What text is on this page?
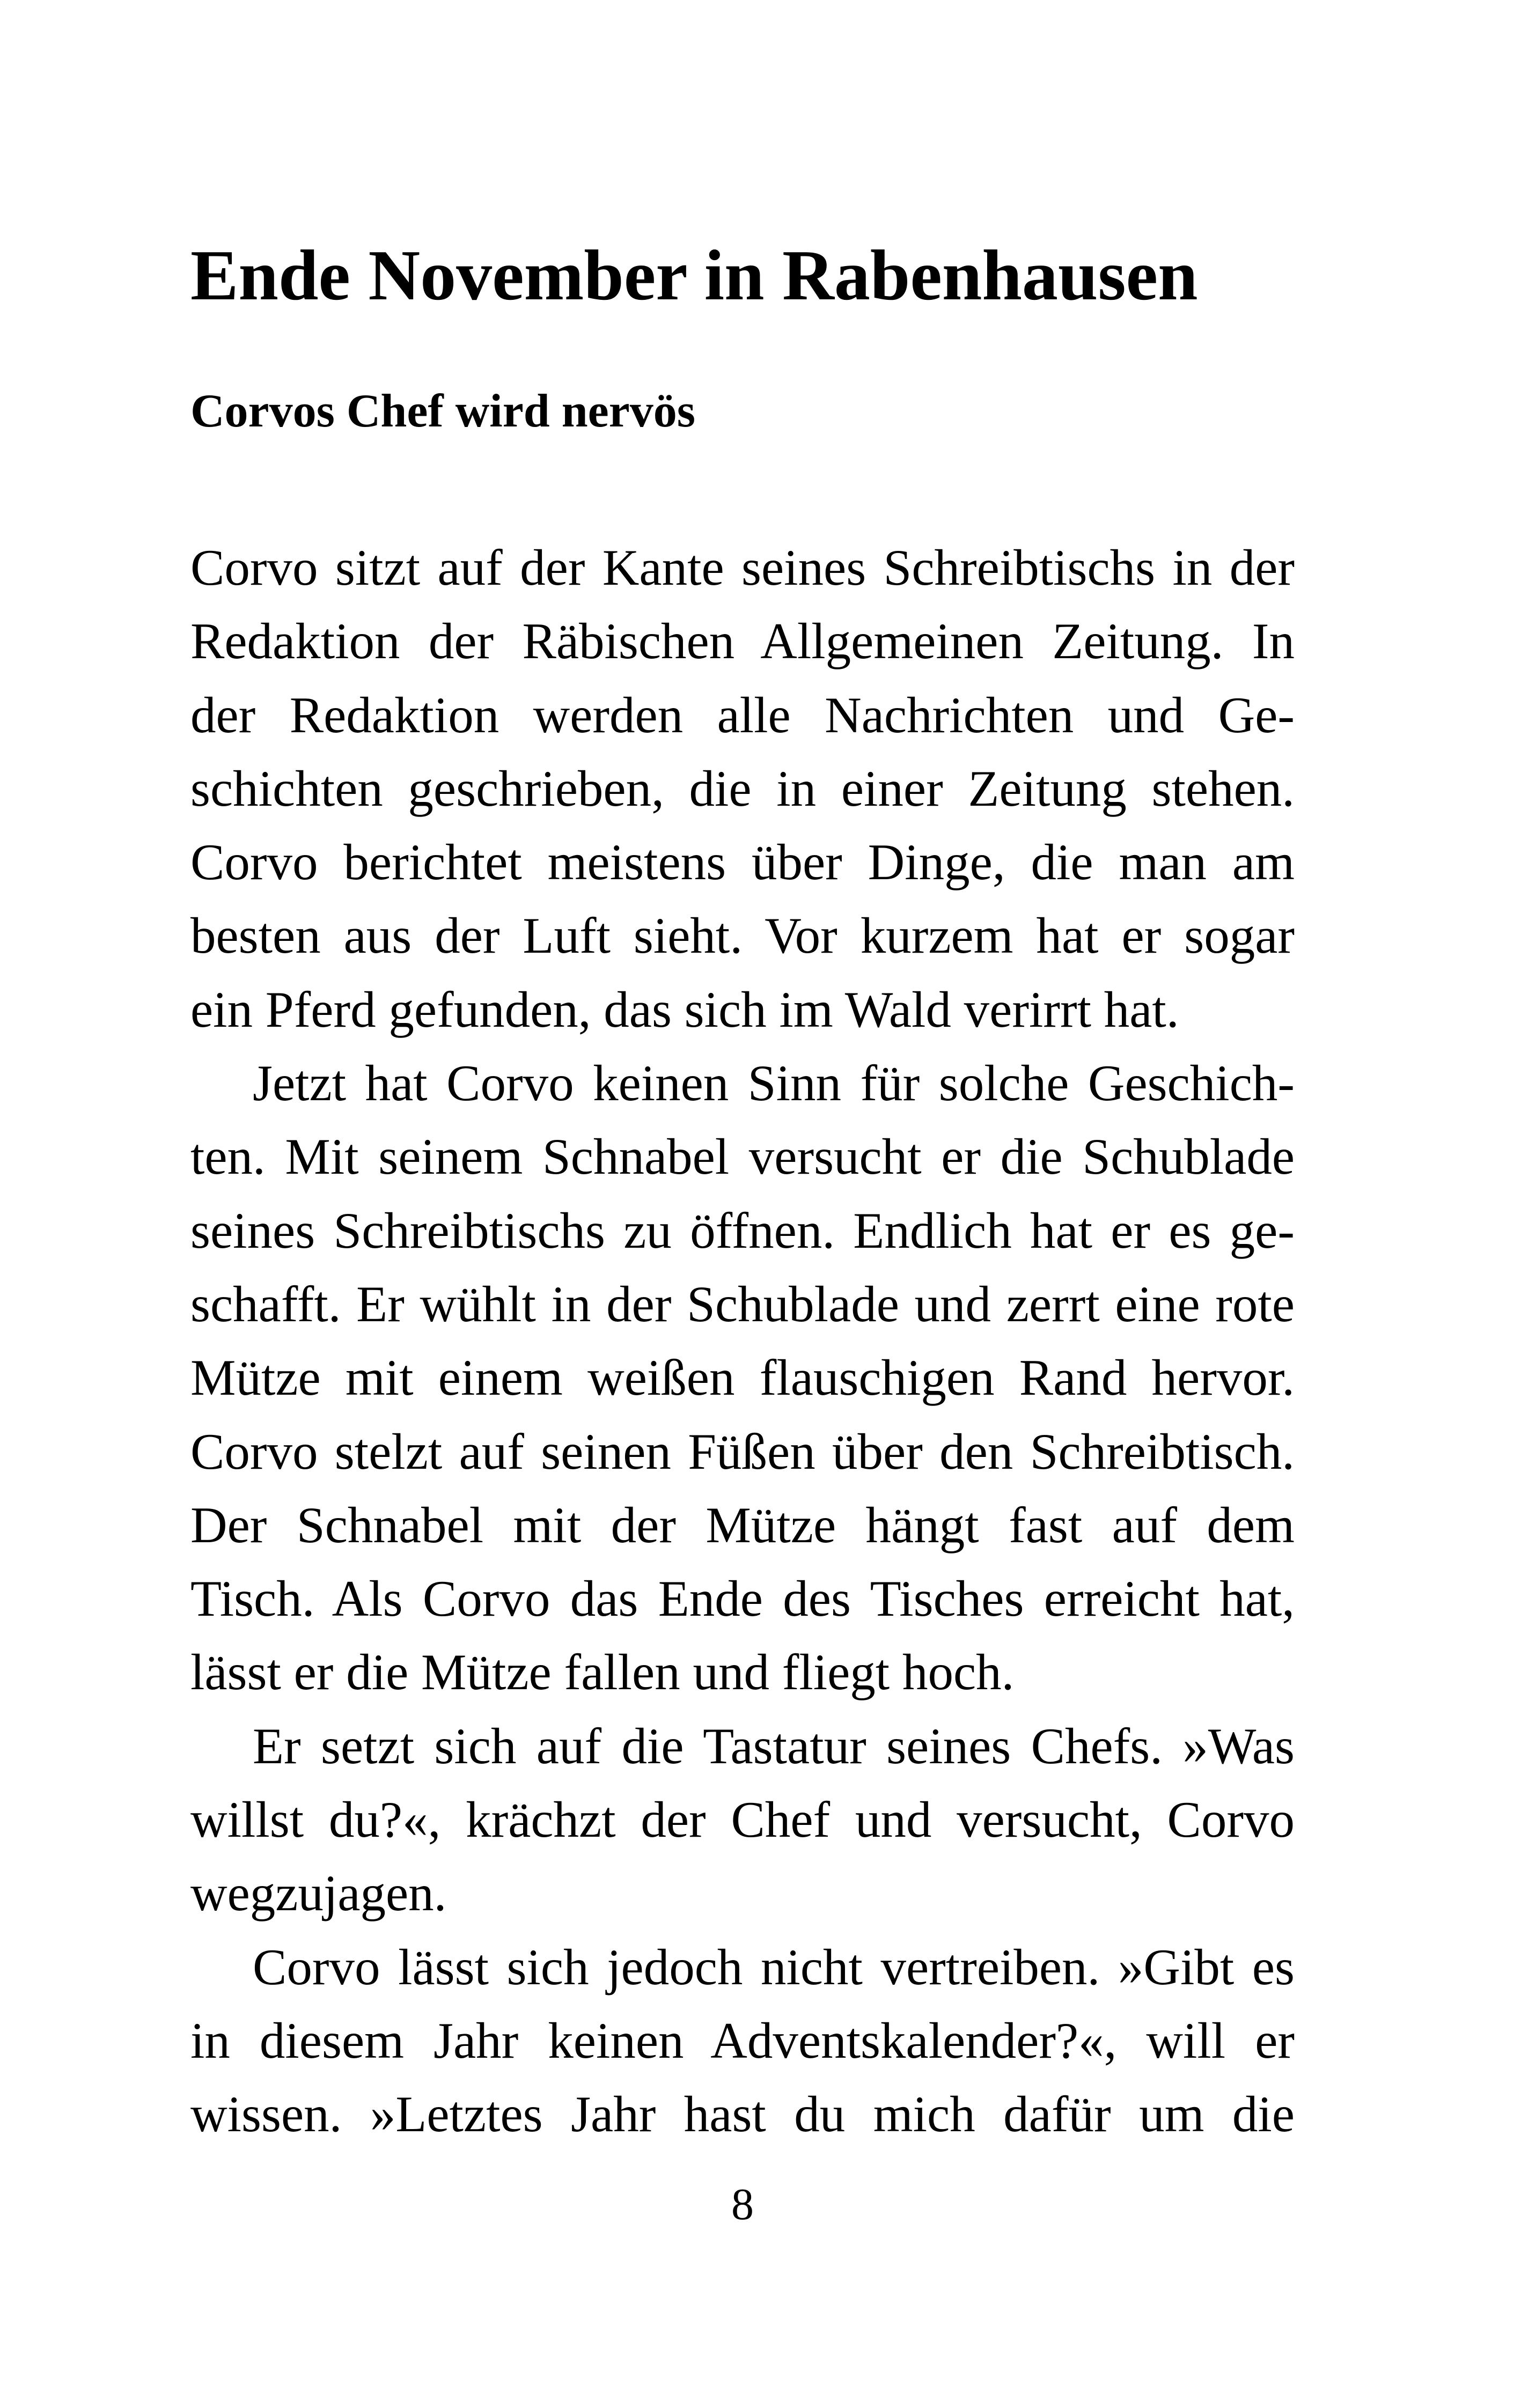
Ende November in Rabenhausen
Corvos Chef wird nervös
Corvo sitzt auf der Kante seines Schreibtischs in der
Redaktion der Räbischen Allgemeinen Zeitung. In
der Redaktion werden alle Nachrichten und Ge-
schichten geschrieben, die in einer Zeitung stehen.
Corvo berichtet meistens über Dinge, die man am
besten aus der Luft sieht. Vor kurzem hat er sogar
ein Pferd gefunden, das sich im Wald verirrt hat.
Jetzt hat Corvo keinen Sinn für solche Geschich-
ten. Mit seinem Schnabel versucht er die Schublade
seines Schreibtischs zu öffnen. Endlich hat er es ge-
schafft. Er wühlt in der Schublade und zerrt eine rote
Mütze mit einem weißen flauschigen Rand hervor.
Corvo stelzt auf seinen Füßen über den Schreibtisch.
Der Schnabel mit der Mütze hängt fast auf dem
Tisch. Als Corvo das Ende des Tisches erreicht hat,
lässt er die Mütze fallen und fliegt hoch.
Er setzt sich auf die Tastatur seines Chefs. »Was
willst du?«, krächzt der Chef und versucht, Corvo
wegzujagen.
Corvo lässt sich jedoch nicht vertreiben. »Gibt es
in diesem Jahr keinen Adventskalender?«, will er
wissen. »Letztes Jahr hast du mich dafür um die
8
